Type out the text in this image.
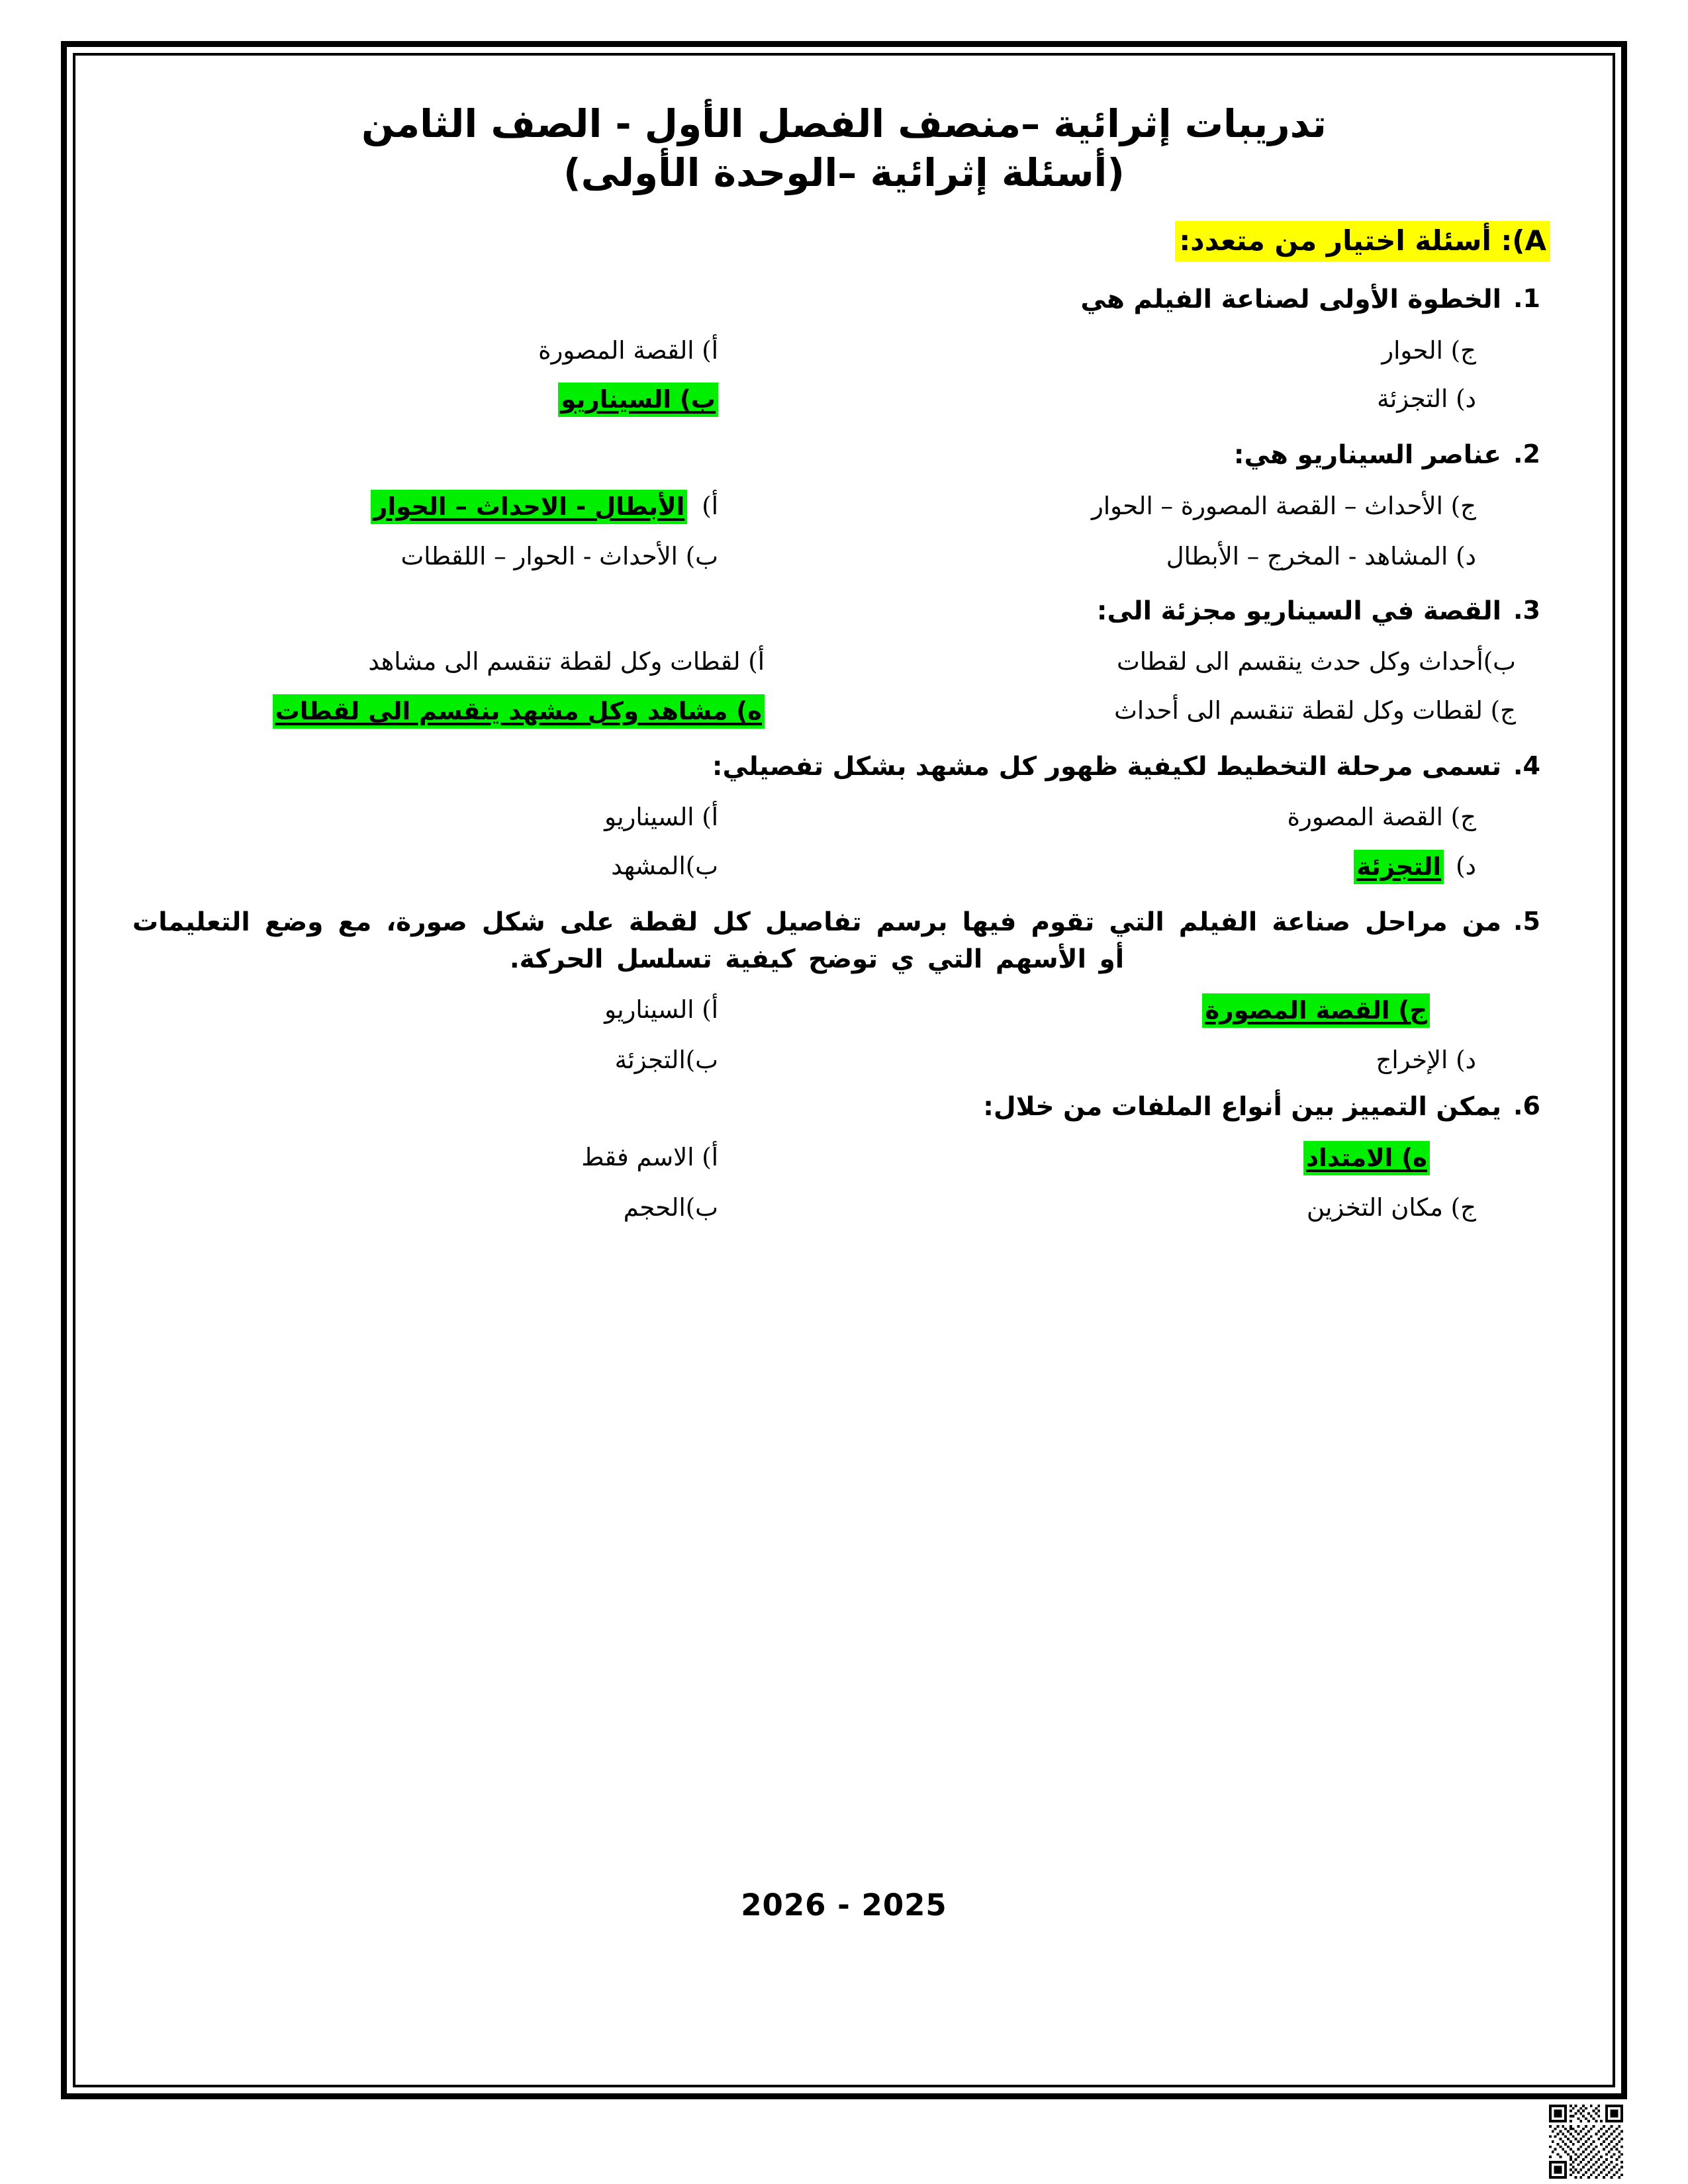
تدريبات إثرائية –منصف الفصل الأول - الصف الثامن
(أسئلة إثرائية –الوحدة الأولى)
A): أسئلة اختيار من متعدد:
1.
الخطوة الأولى لصناعة الفيلم هي
ج) الحوار
أ) القصة المصورة
د) التجزئة
ب) السيناريو
2.
عناصر السيناريو هي:
ج) الأحداث – القصة المصورة – الحوار
أ)
الأبطال - الاحداث – الحوار
د) المشاهد - المخرج – الأبطال
ب) الأحداث - الحوار – اللقطات
3.
القصة في السيناريو مجزئة الى:
ب)أحداث وكل حدث ينقسم الى لقطات
أ) لقطات وكل لقطة تنقسم الى مشاهد
ج) لقطات وكل لقطة تنقسم الى أحداث
ه) مشاهد وكل مشهد ينقسم الى لقطات
4.
تسمى مرحلة التخطيط لكيفية ظهور كل مشهد بشكل تفصيلي:
ج) القصة المصورة
أ) السيناريو
د)
التجزئة
ب)المشهد
5.
من مراحل صناعة الفيلم التي تقوم فيها برسم تفاصيل كل لقطة على شكل صورة، مع وضع التعليمات أو الأسهم التي ي توضح كيفية تسلسل الحركة.
ج) القصة المصورة
أ) السيناريو
د) الإخراج
ب)التجزئة
6.
يمكن التمييز بين أنواع الملفات من خلال:
ه) الامتداد
أ) الاسم فقط
ج) مكان التخزين
ب)الحجم
2026 - 2025
